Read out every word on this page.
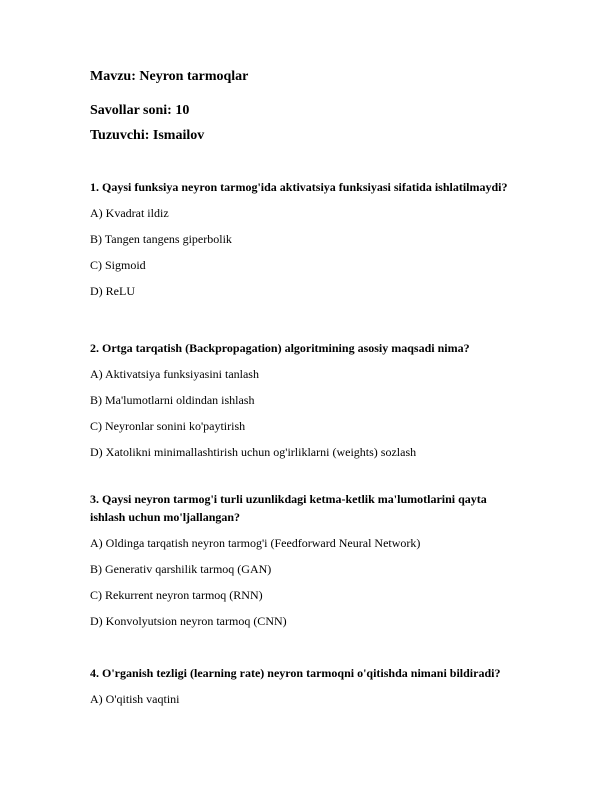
Mavzu: Neyron tarmoqlar

Savollar soni: 10

Tuzuvchi: Ismailov

1. Qaysi funksiya neyron tarmog'ida aktivatsiya funksiyasi sifatida ishlatilmaydi?

A) Kvadrat ildiz

B) Tangen tangens giperbolik

C) Sigmoid

D) ReLU

2. Ortga tarqatish (Backpropagation) algoritmining asosiy maqsadi nima?

A) Aktivatsiya funksiyasini tanlash

B) Ma'lumotlarni oldindan ishlash

C) Neyronlar sonini ko'paytirish

D) Xatolikni minimallashtirish uchun og'irliklarni (weights) sozlash

3. Qaysi neyron tarmog'i turli uzunlikdagi ketma-ketlik ma'lumotlarini qayta ishlash uchun mo'ljallangan?

A) Oldinga tarqatish neyron tarmog'i (Feedforward Neural Network)

B) Generativ qarshilik tarmoq (GAN)

C) Rekurrent neyron tarmoq (RNN)

D) Konvolyutsion neyron tarmoq (CNN)

4. O'rganish tezligi (learning rate) neyron tarmoqni o'qitishda nimani bildiradi?

A) O'qitish vaqtini
